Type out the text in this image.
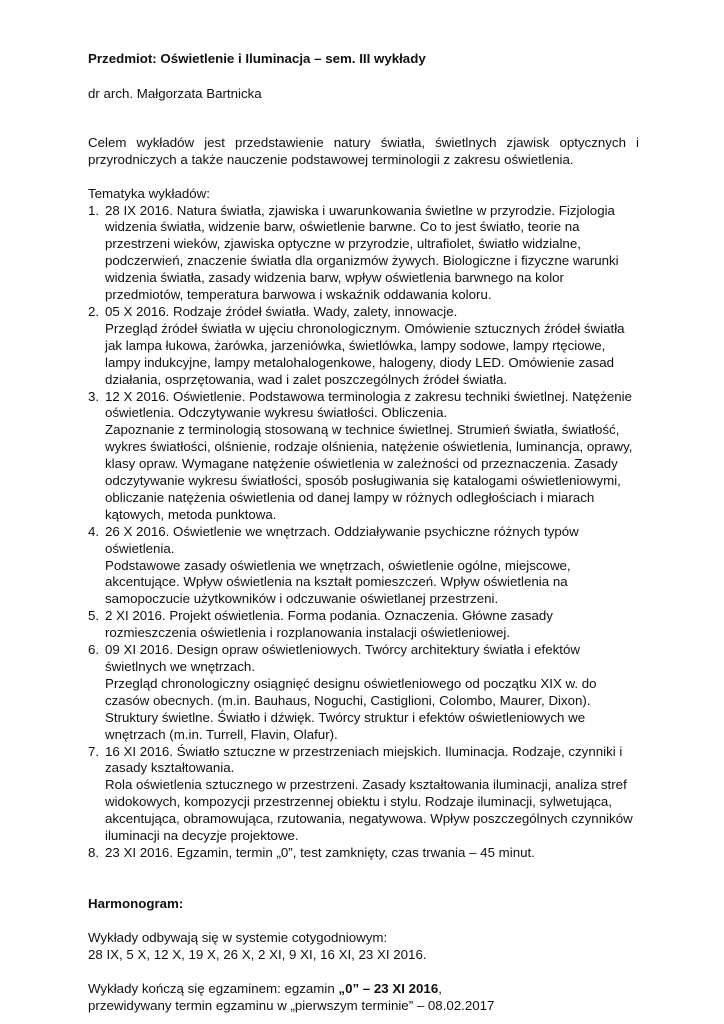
Przedmiot: Oświetlenie i Iluminacja – sem. III wykłady

dr arch. Małgorzata Bartnicka
Celem wykładów jest przedstawienie natury światła, świetlnych zjawisk optycznych i przyrodniczych a także nauczenie podstawowej terminologii z zakresu oświetlenia.
Tematyka wykładów:
1. 28 IX 2016. Natura światła, zjawiska i uwarunkowania świetlne w przyrodzie. Fizjologia
widzenia światła, widzenie barw, oświetlenie barwne. Co to jest światło, teorie na
przestrzeni wieków, zjawiska optyczne w przyrodzie, ultrafiolet, światło widzialne,
podczerwień, znaczenie światła dla organizmów żywych. Biologiczne i fizyczne warunki
widzenia światła, zasady widzenia barw, wpływ oświetlenia barwnego na kolor
przedmiotów, temperatura barwowa i wskaźnik oddawania koloru.
2. 05 X 2016. Rodzaje źródeł światła. Wady, zalety, innowacje.
Przegląd źródeł światła w ujęciu chronologicznym. Omówienie sztucznych źródeł światła
jak lampa łukowa, żarówka, jarzeniówka, świetlówka, lampy sodowe, lampy rtęciowe,
lampy indukcyjne, lampy metalohalogenkowe, halogeny, diody LED. Omówienie zasad
działania, osprzętowania, wad i zalet poszczególnych źródeł światła.
3. 12 X 2016. Oświetlenie. Podstawowa terminologia z zakresu techniki świetlnej. Natężenie
oświetlenia. Odczytywanie wykresu światłości. Obliczenia.
Zapoznanie z terminologią stosowaną w technice świetlnej. Strumień światła, światłość,
wykres światłości, olśnienie, rodzaje olśnienia, natężenie oświetlenia, luminancja, oprawy,
klasy opraw. Wymagane natężenie oświetlenia w zależności od przeznaczenia. Zasady
odczytywanie wykresu światłości, sposób posługiwania się katalogami oświetleniowymi,
obliczanie natężenia oświetlenia od danej lampy w różnych odległościach i miarach
kątowych, metoda punktowa.
4. 26 X 2016. Oświetlenie we wnętrzach. Oddziaływanie psychiczne różnych typów
oświetlenia.
Podstawowe zasady oświetlenia we wnętrzach, oświetlenie ogólne, miejscowe,
akcentujące. Wpływ oświetlenia na kształt pomieszczeń. Wpływ oświetlenia na
samopoczucie użytkowników i odczuwanie oświetlanej przestrzeni.
5. 2 XI 2016. Projekt oświetlenia. Forma podania. Oznaczenia. Główne zasady
rozmieszczenia oświetlenia i rozplanowania instalacji oświetleniowej.
6. 09 XI 2016. Design opraw oświetleniowych. Twórcy architektury światła i efektów
świetlnych we wnętrzach.
Przegląd chronologiczny osiągnięć designu oświetleniowego od początku XIX w. do
czasów obecnych. (m.in. Bauhaus, Noguchi, Castiglioni, Colombo, Maurer, Dixon).
Struktury świetlne. Światło i dźwięk. Twórcy struktur i efektów oświetleniowych we
wnętrzach (m.in. Turrell, Flavin, Olafur).
7. 16 XI 2016. Światło sztuczne w przestrzeniach miejskich. Iluminacja. Rodzaje, czynniki i
zasady kształtowania.
Rola oświetlenia sztucznego w przestrzeni. Zasady kształtowania iluminacji, analiza stref
widokowych, kompozycji przestrzennej obiektu i stylu. Rodzaje iluminacji, sylwetująca,
akcentująca, obramowująca, rzutowania, negatywowa. Wpływ poszczególnych czynników
iluminacji na decyzje projektowe.
8. 23 XI 2016. Egzamin, termin „0”, test zamknięty, czas trwania – 45 minut.
Harmonogram:
Wykłady odbywają się w systemie cotygodniowym:
28 IX, 5 X, 12 X, 19 X, 26 X, 2 XI, 9 XI, 16 XI, 23 XI 2016.
Wykłady kończą się egzaminem: egzamin „0” – 23 XI 2016,
przewidywany termin egzaminu w „pierwszym terminie” – 08.02.2017
